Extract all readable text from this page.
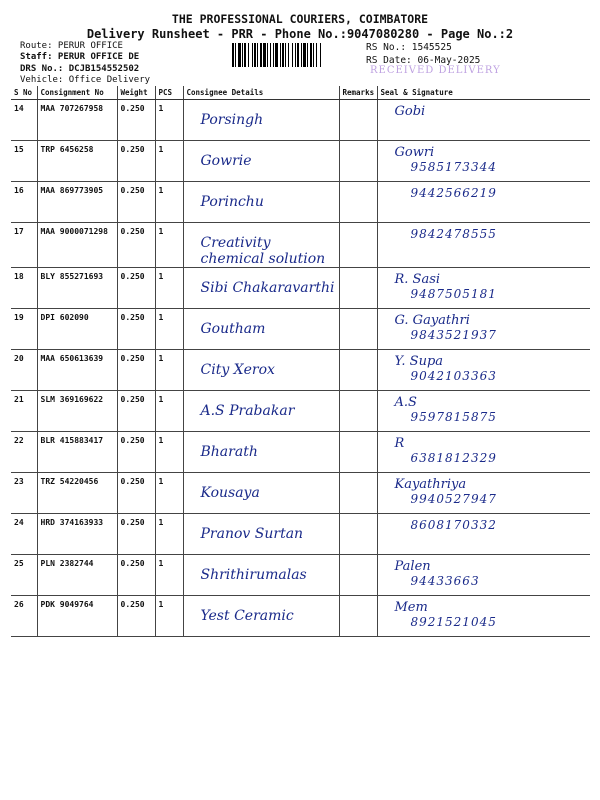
THE PROFESSIONAL COURIERS, COIMBATORE
Delivery Runsheet - PRR - Phone No.:9047080280 - Page No.:2
Route: PERUR OFFICE
Staff: PERUR OFFICE DE
DRS No.: DCJB154552502
Vehicle: Office Delivery
RS No.: 1545525
RS Date: 06-May-2025
RECEIVED DELIVERY
S No	Consignment No	Weight	PCS	Consignee Details	Remarks	Seal & Signature
14	MAA 707267958	0.250	1	Porsingh		Gobi

15	TRP 6456258	0.250	1	Gowrie		Gowri
9585173344

16	MAA 869773905	0.250	1	Porinchu		9442566219

17	MAA 9000071298	0.250	1	Creativity chemical solution		9842478555

18	BLY 855271693	0.250	1	Sibi Chakaravarthi		R. Sasi
9487505181

19	DPI 602090	0.250	1	Goutham		G. Gayathri
9843521937

20	MAA 650613639	0.250	1	City Xerox		Y. Supa
9042103363

21	SLM 369169622	0.250	1	A.S Prabakar		A.S
9597815875

22	BLR 415883417	0.250	1	Bharath		R
6381812329

23	TRZ 54220456	0.250	1	Kousaya		Kayathriya
9940527947

24	HRD 374163933	0.250	1	Pranov Surtan		8608170332

25	PLN 2382744	0.250	1	Shrithirumalas		Palen
94433663

26	PDK 9049764	0.250	1	Yest Ceramic		Mem
8921521045
